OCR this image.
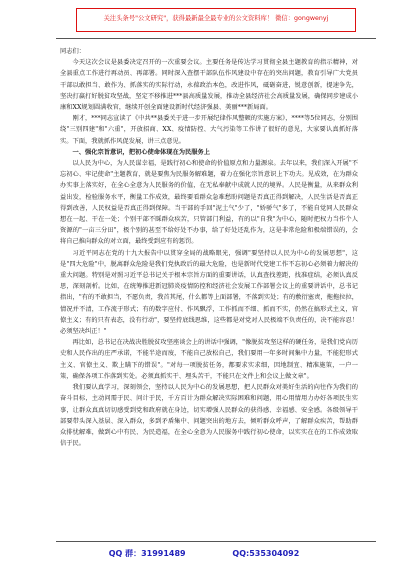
关注头条号"公文研究"，获得最新最全最专业的公文资料库！ 微信：gongwenyj

同志们：

今天这次会议是县委决定召开的一次重要会议。主要任务是传达学习贯彻全县主题教育的指示精神，对全县重点工作进行再动员、再部署。同时深入查摆干部队伍作风建设中存在的突出问题，教育引导广大党员干部以敢担当、敢作为、抓落实的实际行动，永葆政治本色，改进作风，砥砺奋进，锐意创新，提速争先，坚决打赢打好脱贫攻坚战，坚定不移推进***县高质量发展，推动全县经济社会高质量发展，确保同步建成小康和XX规划圆满收官，继续开创全面建设新时代经济强县、美丽***新局面。

刚才，***同志宣读了《中共**县委关于进一步开展纪律作风整顿的实施方案》，****等5位同志，分别围绕"三别四建"和"六重"，开放招商、XX、疫情防控、大气污染等工作讲了很好的意见，大家要认真抓好落实。下面，我就抓作风促发展，讲三点意见。

一、强化宗旨意识，把初心使命体现在为民服务上

以人民为中心，为人民谋幸福，是践行初心和使命的价值原点和力量源泉。去年以来，我们深入开展"不忘初心、牢记使命"主题教育，就是要焦为民服务解难题，着力在强化宗旨意识上下功夫。见成效，在为群众办实事上落实好，在全心全意为人民服务的价值，在无私奉献中成就人民的境界。人民是衡量，从来群众利益出发，检验服务水平，衡量工作成效，最终要看群众急难愁盼问题是否真正得到解决，人民生活是否真正得到改善，人民权益是否真正得到保障。当干部的手回"泥土气"少了，"娇骄气"多了，不能自觉同人民群众想在一起、干在一处；个别干部不睬群众疾苦，只管部门利益，有的以"自我"为中心，随时把权力当作个人资源的"一亩三分田"，极个别的甚至不给好处不办事，给了好处还乱作为，这是非常危险和极端错误的，会将自己推向群众的对立面，最终受到应有的惩罚。

习近平同志在党的十九大报告中以贯穿全局的战略眼光，强调"要坚持以人民为中心的发展思想"，这是"四大危险"中，脱离群众危险是我们党执政后的最大危险，也是新时代党建工作不忘初心必须着力解决的重大问题。特别是对照习近平总书记关于根本宗旨方面的重要讲话，认真查找差距，找准症结，必须认真反思，深刻剖析。比如，在统筹推进新冠肺炎疫情防控和经济社会发展工作部署会议上的重要讲话中，总书记指出，"有的不敢担当，不愿负责，我首其尾，什么都等上面部署，不落到实处；有的敷衍塞责，拖拖拉拉，情况并不清，工作流于形式；有的数字应付、作风飘浮，工作抓而不细、抓而不实，仍然在搞形式主义，官僚主义；有的只有表态，没有行动"，要坚持底线思维，这些都是对党对人民极端不负责任的，决不能容忍！必须坚决纠正！"

再比如，总书记在决战决胜脱贫攻坚座谈会上的讲话中强调，"像脱贫攻坚这样的硬任务，是我们党向历史和人民作出的庄严承诺，不能半途而废，不能自己放松自己，我们要用一年多时间集中力量，不能犯形式主义、官僚主义、欺上瞒下的错误"。"对每一项脱贫任务，都要求实求细，因地制宜、精准施策，一户一策，确保各项工作落到实处。必须真抓实干、埋头苦干，不能只在文件上和会议上做文章"。

我们要认真学习，深刻领会，坚持以人民为中心的发展思想，把人民群众对美好生活的向往作为我们的奋斗目标，主动问需于民、问计于民，千方百计为群众解决实际困难和问题，用心用情用力办好各项民生实事，让群众真真切切感受到党和政府就在身边，切实增强人民群众的获得感、幸福感、安全感。各级领导干部要带头深入基层、深入群众，多到矛盾集中、问题突出的地方去，倾听群众呼声，了解群众疾苦，帮助群众排忧解难，做到心中有民、为民造福，在全心全意为人民服务中践行初心使命，以实实在在的工作成效取信于民。

QQ 群：31991489	QQ:535304092
